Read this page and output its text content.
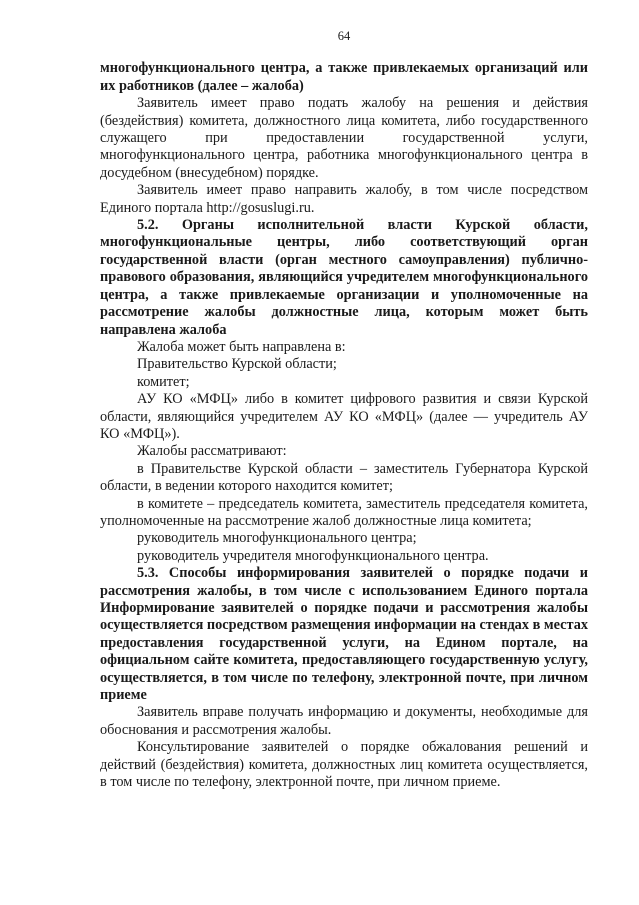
64

многофункционального центра, а также привлекаемых организаций или их работников (далее – жалоба)

Заявитель имеет право подать жалобу на решения и действия (бездействия) комитета, должностного лица комитета, либо государственного служащего при предоставлении государственной услуги, многофункционального центра, работника многофункционального центра в досудебном (внесудебном) порядке.

Заявитель имеет право направить жалобу, в том числе посредством Единого портала http://gosuslugi.ru.

5.2. Органы исполнительной власти Курской области, многофункциональные центры, либо соответствующий орган государственной власти (орган местного самоуправления) публично-правового образования, являющийся учредителем многофункционального центра, а также привлекаемые организации и уполномоченные на рассмотрение жалобы должностные лица, которым может быть направлена жалоба

Жалоба может быть направлена в:

Правительство Курской области;

комитет;

АУ КО «МФЦ» либо в комитет цифрового развития и связи Курской области, являющийся учредителем АУ КО «МФЦ» (далее — учредитель АУ КО «МФЦ»).

Жалобы рассматривают:

в Правительстве Курской области – заместитель Губернатора Курской области, в ведении которого находится комитет;

в комитете – председатель комитета, заместитель председателя комитета, уполномоченные на рассмотрение жалоб должностные лица комитета;

руководитель многофункционального центра;

руководитель учредителя многофункционального центра.

5.3. Способы информирования заявителей о порядке подачи и рассмотрения жалобы, в том числе с использованием Единого портала Информирование заявителей о порядке подачи и рассмотрения жалобы осуществляется посредством размещения информации на стендах в местах предоставления государственной услуги, на Едином портале, на официальном сайте комитета, предоставляющего государственную услугу, осуществляется, в том числе по телефону, электронной почте, при личном приеме

Заявитель вправе получать информацию и документы, необходимые для обоснования и рассмотрения жалобы.

Консультирование заявителей о порядке обжалования решений и действий (бездействия) комитета, должностных лиц комитета осуществляется, в том числе по телефону, электронной почте, при личном приеме.
